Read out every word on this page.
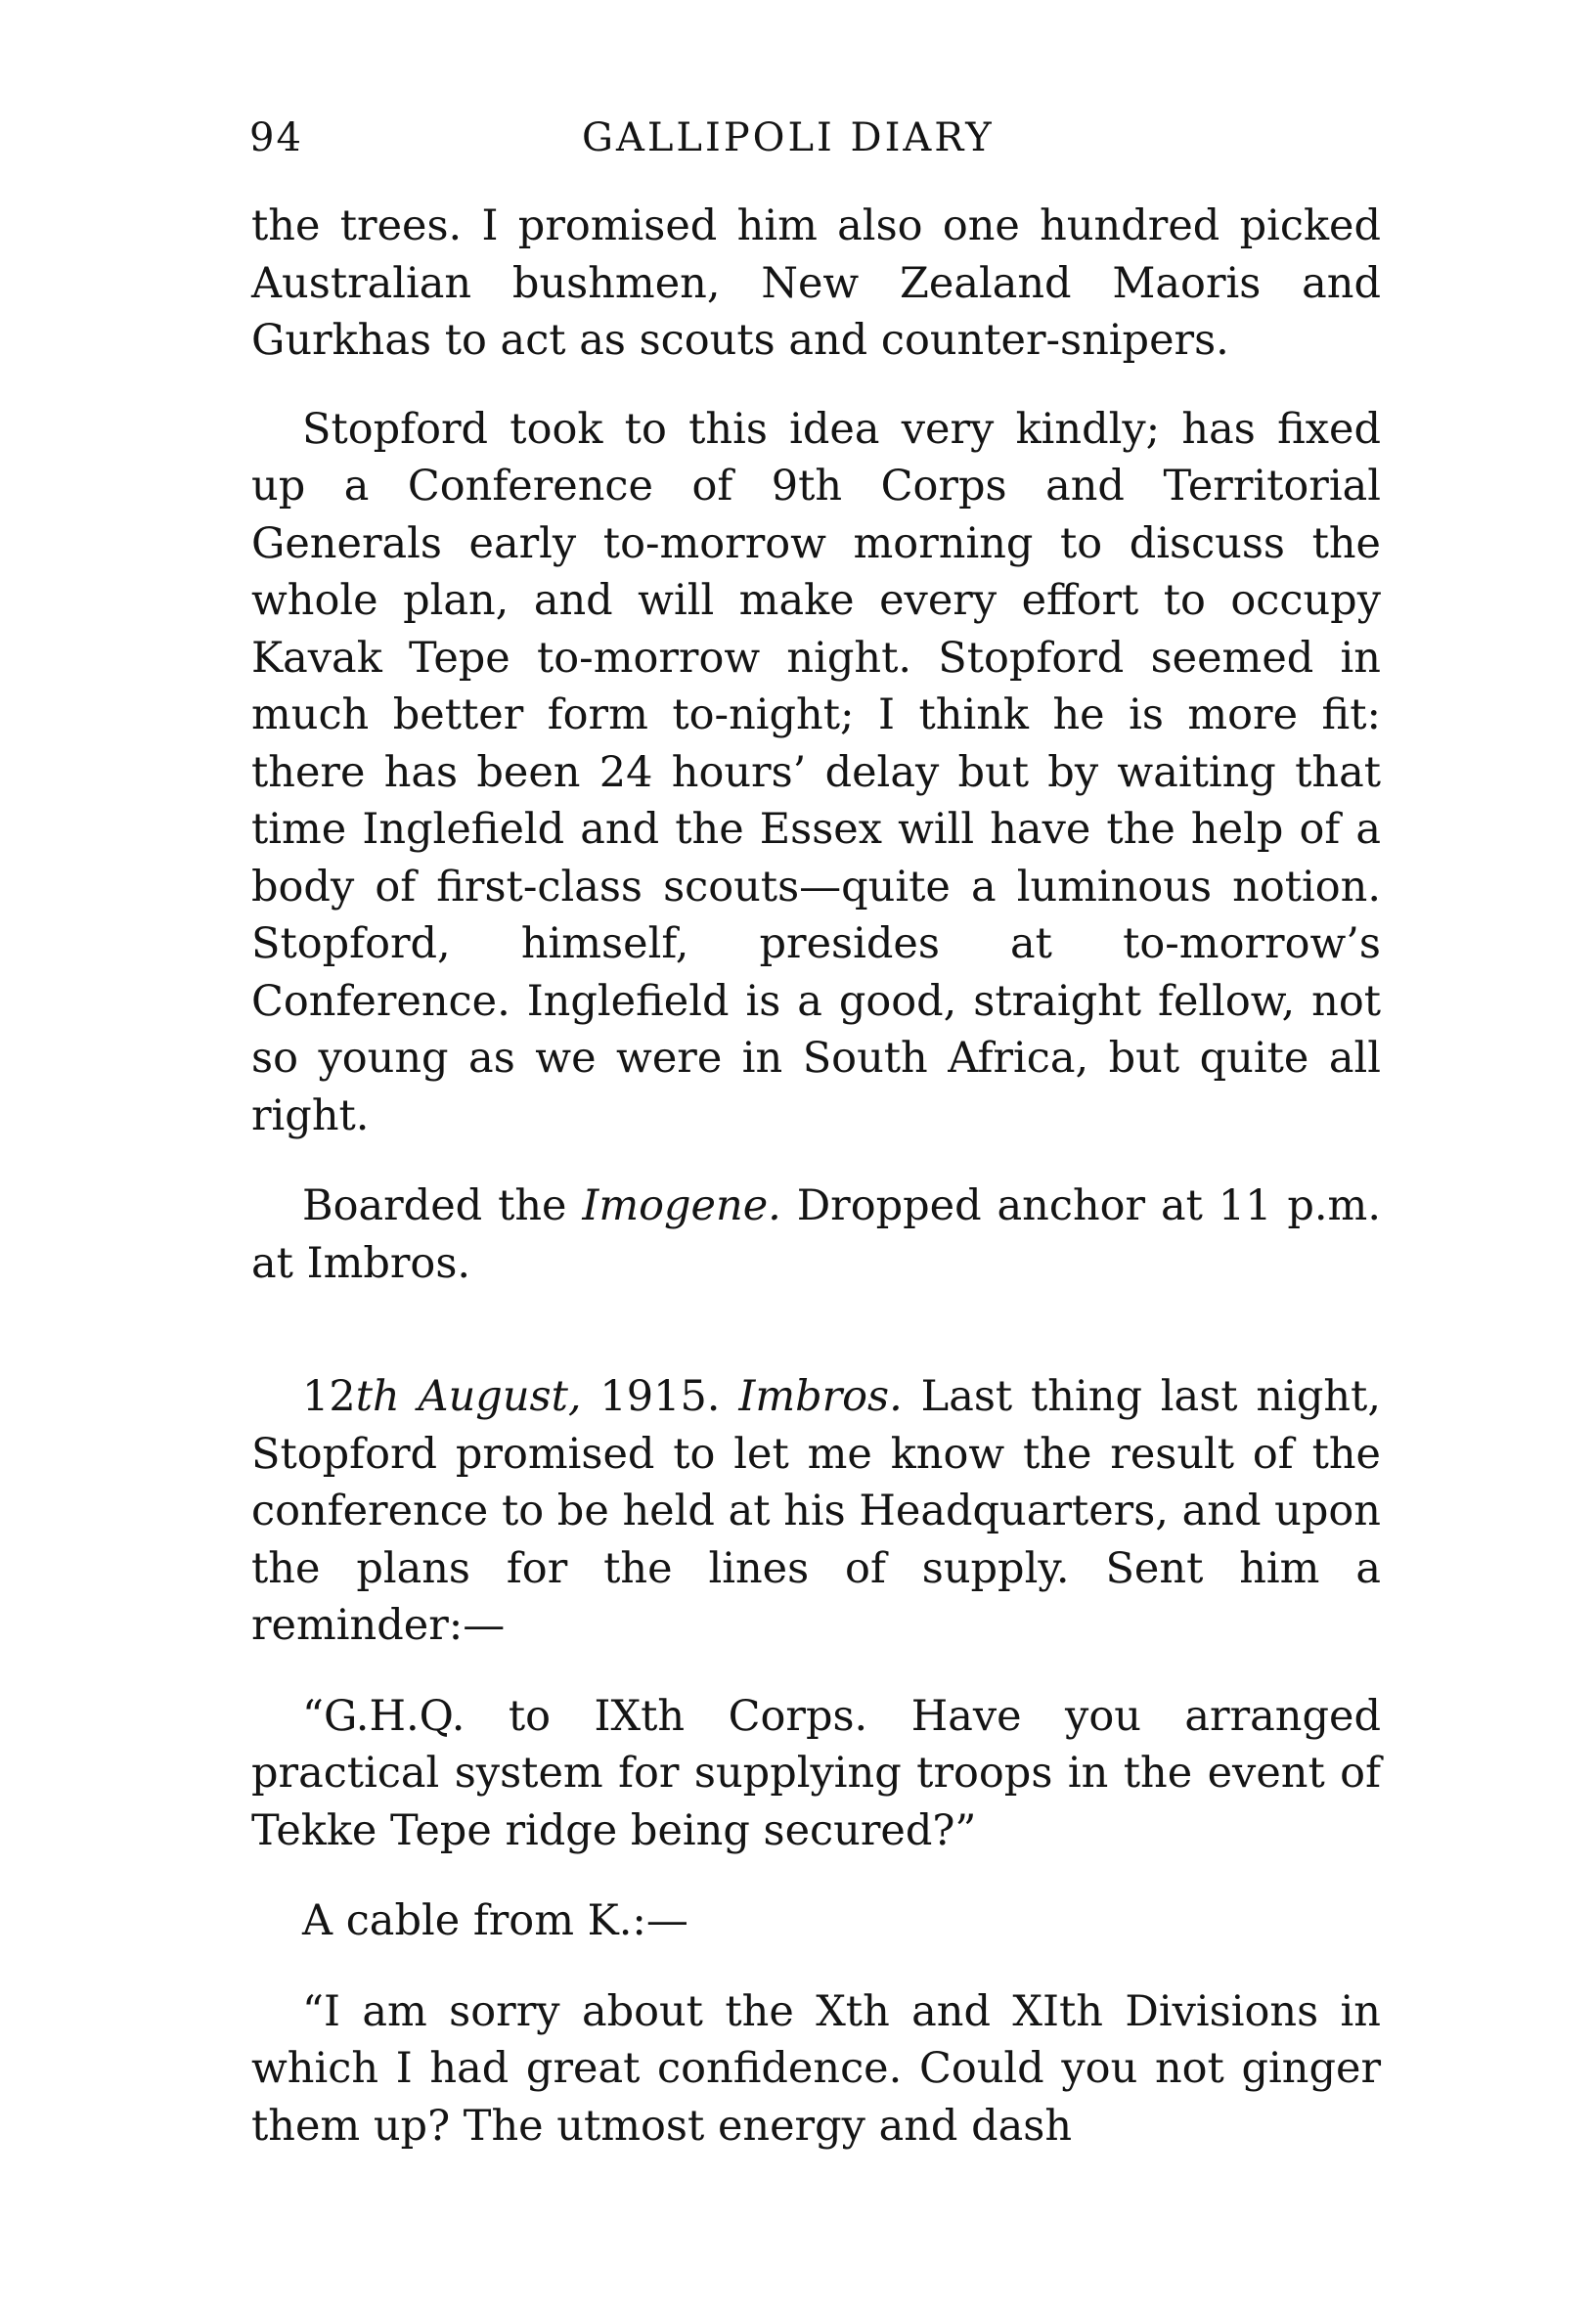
94	GALLIPOLI DIARY

the trees. I promised him also one hundred picked Australian bushmen, New Zealand Maoris and Gurkhas to act as scouts and counter-snipers.

Stopford took to this idea very kindly; has fixed up a Conference of 9th Corps and Territorial Generals early to-morrow morning to discuss the whole plan, and will make every effort to occupy Kavak Tepe to-morrow night. Stopford seemed in much better form to-night; I think he is more fit: there has been 24 hours’ delay but by waiting that time Inglefield and the Essex will have the help of a body of first-class scouts—quite a luminous notion. Stopford, himself, presides at to-morrow’s Conference. Inglefield is a good, straight fellow, not so young as we were in South Africa, but quite all right.

Boarded the Imogene. Dropped anchor at 11 p.m. at Imbros.

12th August, 1915. Imbros. Last thing last night, Stopford promised to let me know the result of the conference to be held at his Headquarters, and upon the plans for the lines of supply. Sent him a reminder:—

“G.H.Q. to IXth Corps. Have you arranged practical system for supplying troops in the event of Tekke Tepe ridge being secured?”

A cable from K.:—

“I am sorry about the Xth and XIth Divisions in which I had great confidence. Could you not ginger them up? The utmost energy and dash
